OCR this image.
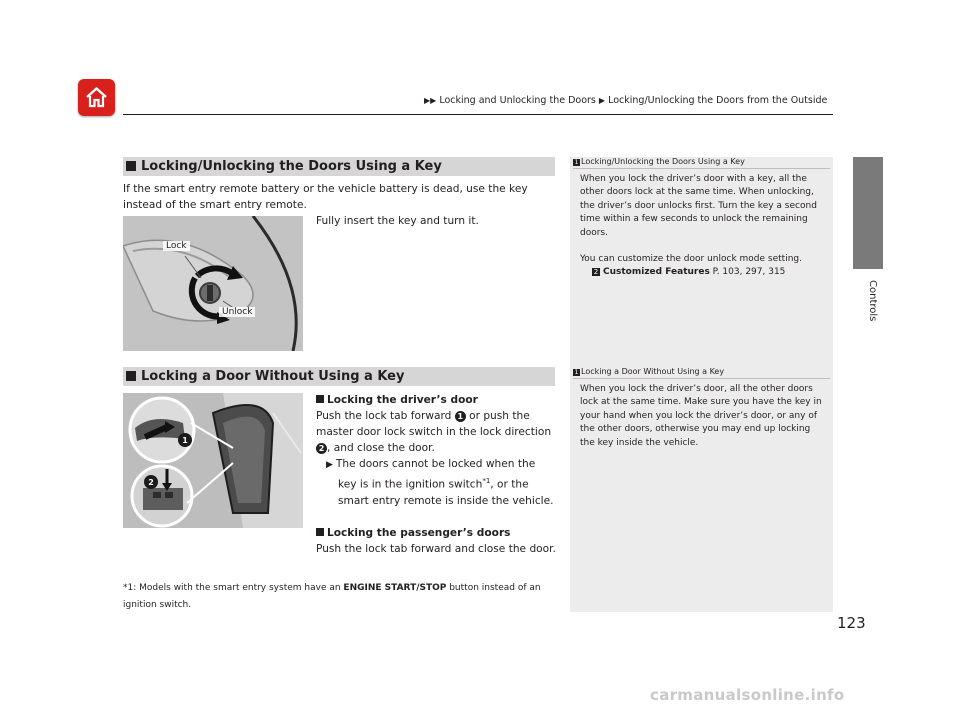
▶▶ Locking and Unlocking the Doors ▶ Locking/Unlocking the Doors from the Outside
Controls
Locking/Unlocking the Doors Using a Key

If the smart entry remote battery or the vehicle battery is dead, use the key instead of the smart entry remote.

Fully insert the key and turn it.

Lock
Unlock
1 Locking/Unlocking the Doors Using a Key

When you lock the driver’s door with a key, all the other doors lock at the same time. When unlocking, the driver’s door unlocks first. Turn the key a second time within a few seconds to unlock the remaining doors.

You can customize the door unlock mode setting.

2 Customized Features P. 103, 297, 315

Locking a Door Without Using a Key
1
2

Locking the driver’s door

Push the lock tab forward 1 or push the

master door lock switch in the lock direction

2 , and close the door.

▶ The doors cannot be locked when the

key is in the ignition switch$^{*1}$, or the

smart entry remote is inside the vehicle.

Locking the passenger’s doors

Push the lock tab forward and close the door.

1 Locking a Door Without Using a Key

When you lock the driver’s door, all the other doors lock at the same time. Make sure you have the key in your hand when you lock the driver’s door, or any of the other doors, otherwise you may end up locking the key inside the vehicle.

*1: Models with the smart entry system have an ENGINE START/STOP button instead of an ignition switch.
123
carmanualsonline.info
